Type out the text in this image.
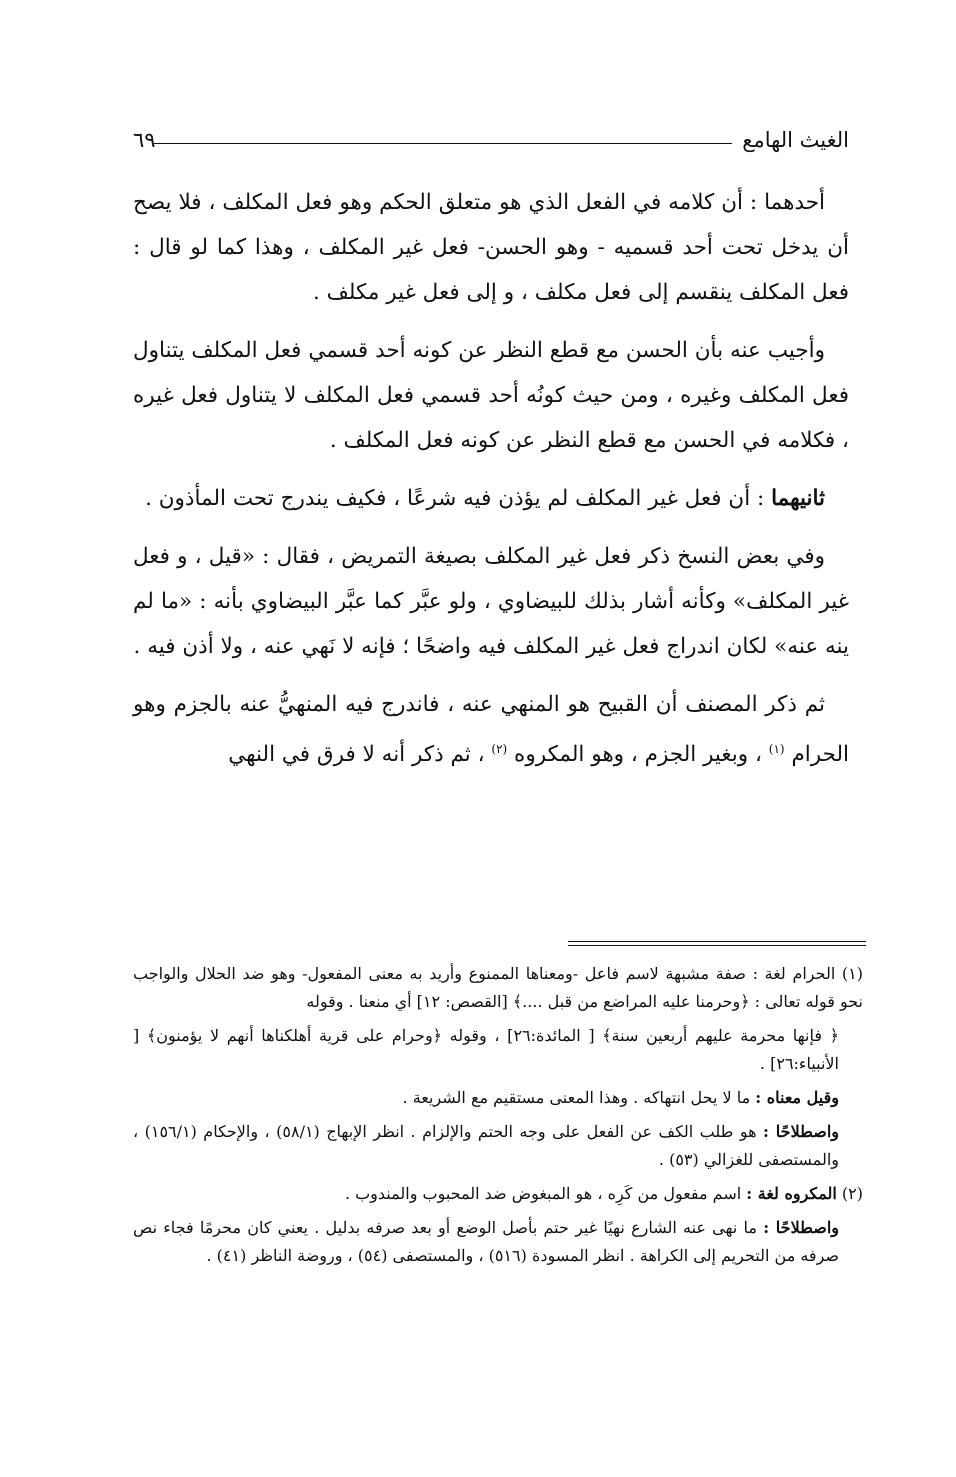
الغيث الهامع
٦٩

أحدهما : أن كلامه في الفعل الذي هو متعلق الحكم وهو فعل المكلف ، فلا يصح أن يدخل تحت أحد قسميه - وهو الحسن- فعل غير المكلف ، وهذا كما لو قال : فعل المكلف ينقسم إلى فعل مكلف ، و إلى فعل غير مكلف .

وأجيب عنه بأن الحسن مع قطع النظر عن كونه أحد قسمي فعل المكلف يتناول فعل المكلف وغيره ، ومن حيث كونُه أحد قسمي فعل المكلف لا يتناول فعل غيره ، فكلامه في الحسن مع قطع النظر عن كونه فعل المكلف .

ثانيهما : أن فعل غير المكلف لم يؤذن فيه شرعًا ، فكيف يندرج تحت المأذون .

وفي بعض النسخ ذكر فعل غير المكلف بصيغة التمريض ، فقال : «قيل ، و فعل غير المكلف» وكأنه أشار بذلك للبيضاوي ، ولو عبَّر كما عبَّر البيضاوي بأنه : «ما لم ينه عنه» لكان اندراج فعل غير المكلف فيه واضحًا ؛ فإنه لا نَهي عنه ، ولا أذن فيه .

ثم ذكر المصنف أن القبيح هو المنهي عنه ، فاندرج فيه المنهيُّ عنه بالجزم وهو الحرام $^{(١)}$ ، وبغير الجزم ، وهو المكروه $^{(٢)}$ ، ثم ذكر أنه لا فرق في النهي

(١) الحرام لغة : صفة مشبهة لاسم فاعل -ومعناها الممنوع وأريد به معنى المفعول- وهو ضد الحلال والواجب نحو قوله تعالى : ﴿وحرمنا عليه المراضع من قبل ....﴾ [القصص: ١٢] أي منعنا . وقوله

﴿ فإنها محرمة عليهم أربعين سنة﴾ [ المائدة:٢٦] ، وقوله ﴿وحرام على قرية أهلكناها أنهم لا يؤمنون﴾ [ الأنبياء:٢٦] .

وقيل معناه : ما لا يحل انتهاكه . وهذا المعنى مستقيم مع الشريعة .

واصطلاحًا : هو طلب الكف عن الفعل على وجه الحتم والإلزام . انظر الإبهاج (٥٨/١) ، والإحكام (١٥٦/١) ، والمستصفى للغزالي (٥٣) .

(٢) المكروه لغة : اسم مفعول من كَرِه ، هو المبغوض ضد المحبوب والمندوب .

واصطلاحًا : ما نهى عنه الشارع نهيًا غير حتم بأصل الوضع أو بعد صرفه بدليل . يعني كان محرمًا فجاء نص صرفه من التحريم إلى الكراهة . انظر المسودة (٥١٦) ، والمستصفى (٥٤) ، وروضة الناظر (٤١) .
